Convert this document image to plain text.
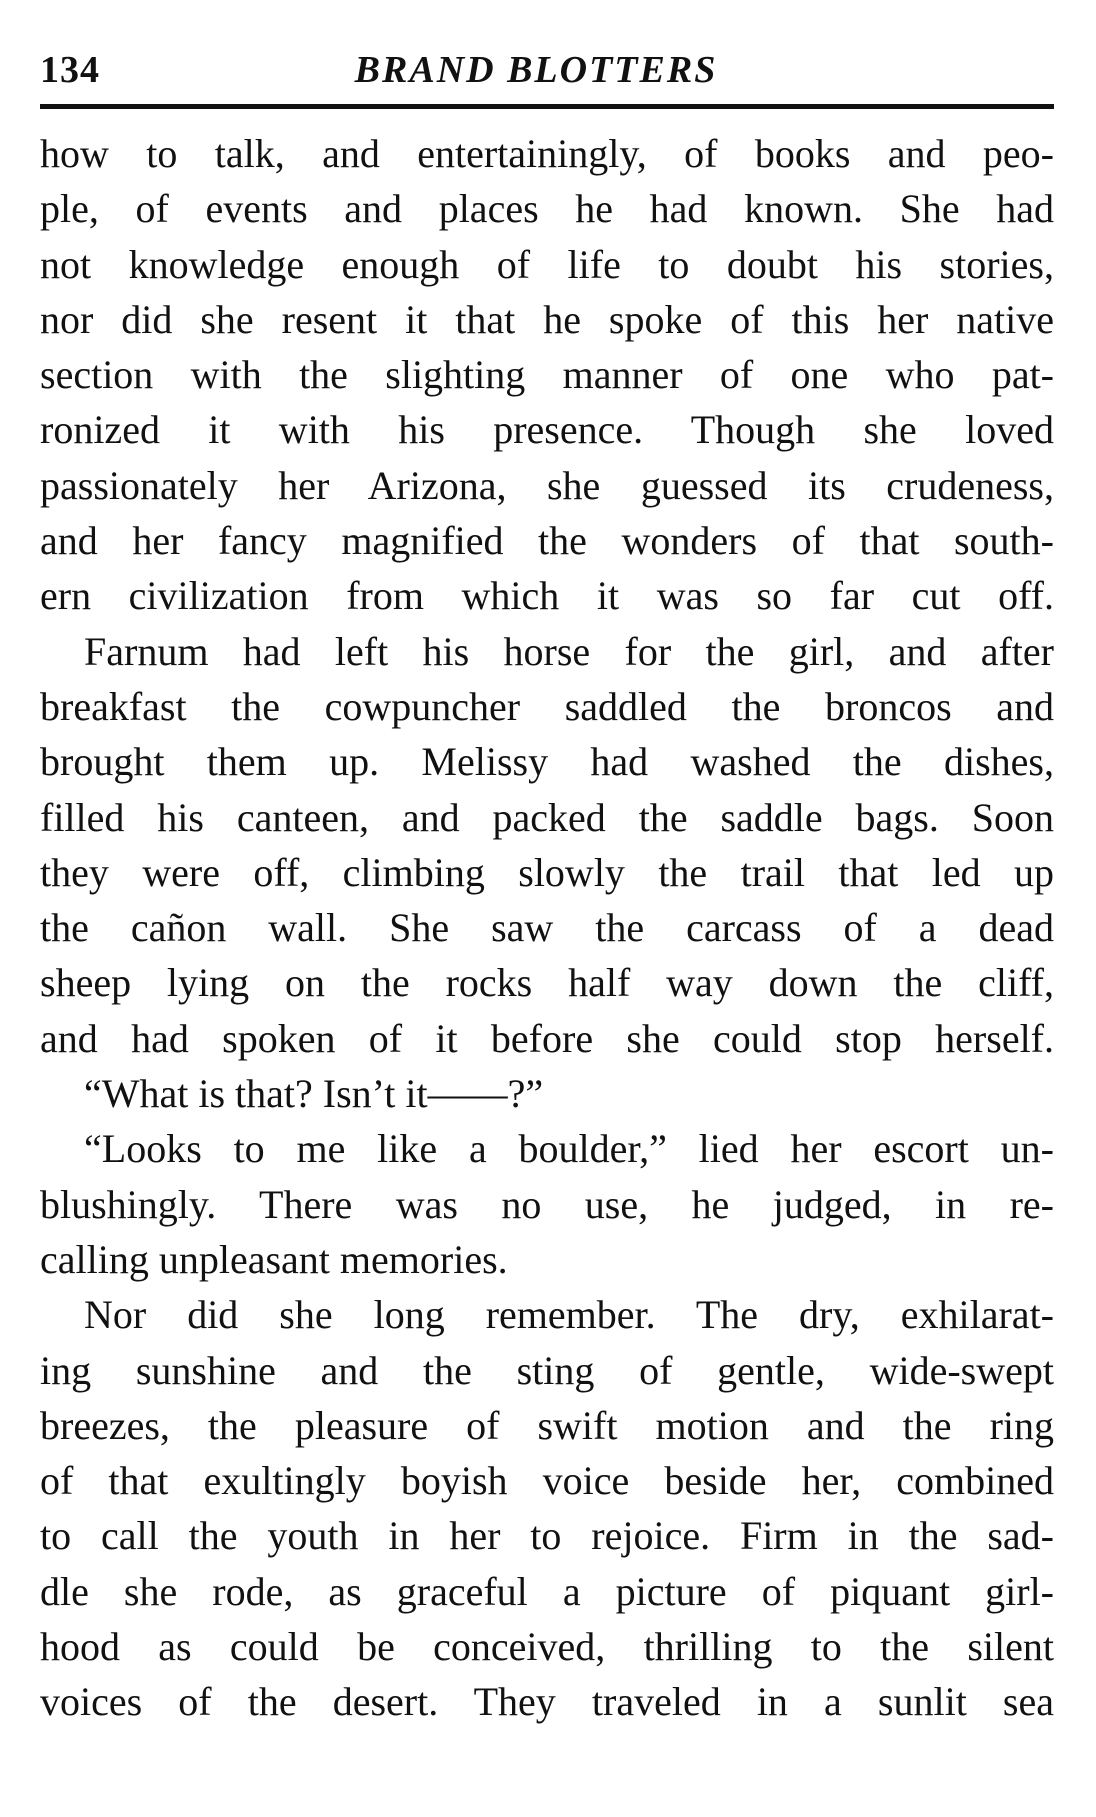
134	BRAND BLOTTERS
how to talk, and entertainingly, of books and peo-
ple, of events and places he had known. She had
not knowledge enough of life to doubt his stories,
nor did she resent it that he spoke of this her native
section with the slighting manner of one who pat-
ronized it with his presence. Though she loved
passionately her Arizona, she guessed its crudeness,
and her fancy magnified the wonders of that south-
ern civilization from which it was so far cut off.
Farnum had left his horse for the girl, and after
breakfast the cowpuncher saddled the broncos and
brought them up. Melissy had washed the dishes,
filled his canteen, and packed the saddle bags. Soon
they were off, climbing slowly the trail that led up
the cañon wall. She saw the carcass of a dead
sheep lying on the rocks half way down the cliff,
and had spoken of it before she could stop herself.
“What is that? Isn’t it——?”
“Looks to me like a boulder,” lied her escort un-
blushingly. There was no use, he judged, in re-
calling unpleasant memories.
Nor did she long remember. The dry, exhilarat-
ing sunshine and the sting of gentle, wide-swept
breezes, the pleasure of swift motion and the ring
of that exultingly boyish voice beside her, combined
to call the youth in her to rejoice. Firm in the sad-
dle she rode, as graceful a picture of piquant girl-
hood as could be conceived, thrilling to the silent
voices of the desert. They traveled in a sunlit sea
